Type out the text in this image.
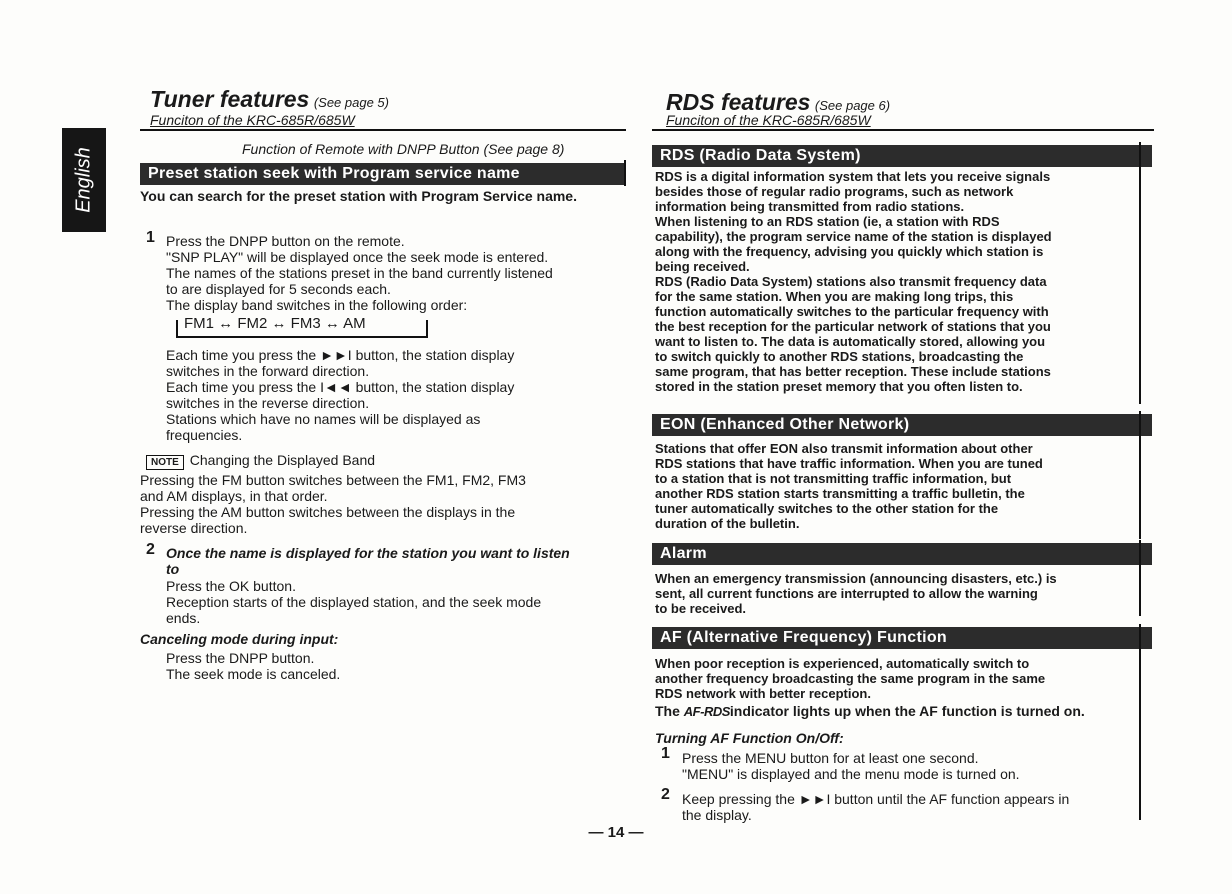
English
Tuner features (See page 5)
Funciton of the KRC-685R/685W
Function of Remote with DNPP Button (See page 8)
Preset station seek with Program service name
You can search for the preset station with Program Service name.
1 Press the DNPP button on the remote.
"SNP PLAY" will be displayed once the seek mode is entered.
The names of the stations preset in the band currently listened
to are displayed for 5 seconds each.
The display band switches in the following order:
FM1 ↔ FM2 ↔ FM3 ↔ AM
Each time you press the ►►I button, the station display
switches in the forward direction.
Each time you press the I◄◄ button, the station display
switches in the reverse direction.
Stations which have no names will be displayed as
frequencies.
NOTE Changing the Displayed Band
Pressing the FM button switches between the FM1, FM2, FM3
and AM displays, in that order.
Pressing the AM button switches between the displays in the
reverse direction.
2 Once the name is displayed for the station you want to listen
to
Press the OK button.
Reception starts of the displayed station, and the seek mode
ends.
Canceling mode during input:
Press the DNPP button.
The seek mode is canceled.
RDS features (See page 6)
Funciton of the KRC-685R/685W
RDS (Radio Data System)
RDS is a digital information system that lets you receive signals
besides those of regular radio programs, such as network
information being transmitted from radio stations.
When listening to an RDS station (ie, a station with RDS
capability), the program service name of the station is displayed
along with the frequency, advising you quickly which station is
being received.
RDS (Radio Data System) stations also transmit frequency data
for the same station. When you are making long trips, this
function automatically switches to the particular frequency with
the best reception for the particular network of stations that you
want to listen to. The data is automatically stored, allowing you
to switch quickly to another RDS stations, broadcasting the
same program, that has better reception. These include stations
stored in the station preset memory that you often listen to.
EON (Enhanced Other Network)
Stations that offer EON also transmit information about other
RDS stations that have traffic information. When you are tuned
to a station that is not transmitting traffic information, but
another RDS station starts transmitting a traffic bulletin, the
tuner automatically switches to the other station for the
duration of the bulletin.
Alarm
When an emergency transmission (announcing disasters, etc.) is
sent, all current functions are interrupted to allow the warning
to be received.
AF (Alternative Frequency) Function
When poor reception is experienced, automatically switch to
another frequency broadcasting the same program in the same
RDS network with better reception.
The AF-RDSindicator lights up when the AF function is turned on.
Turning AF Function On/Off:
1 Press the MENU button for at least one second.
"MENU" is displayed and the menu mode is turned on.
2 Keep pressing the ►►I button until the AF function appears in
the display.
— 14 —
